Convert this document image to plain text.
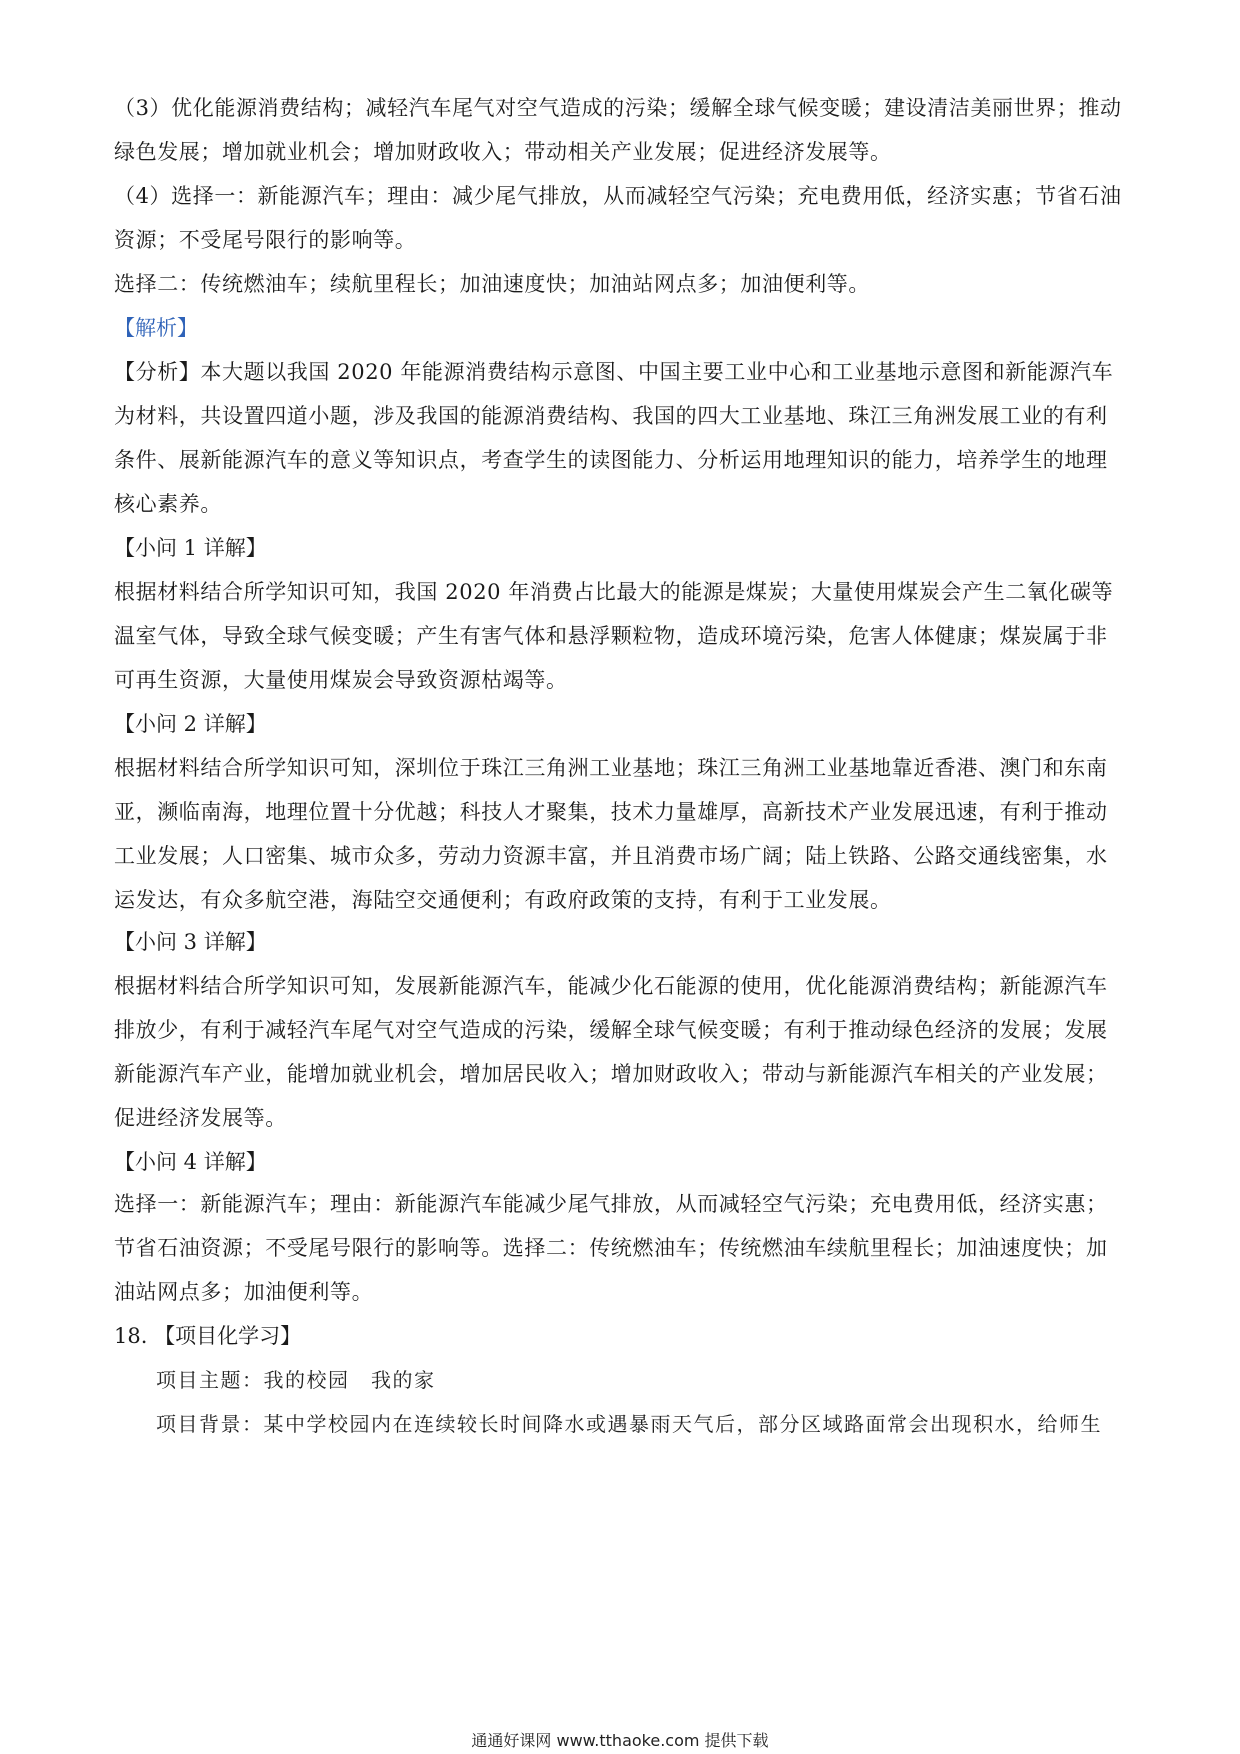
（3）优化能源消费结构；减轻汽车尾气对空气造成的污染；缓解全球气候变暖；建设清洁美丽世界；推动
绿色发展；增加就业机会；增加财政收入；带动相关产业发展；促进经济发展等。
（4）选择一：新能源汽车；理由：减少尾气排放，从而减轻空气污染；充电费用低，经济实惠；节省石油
资源；不受尾号限行的影响等。
选择二：传统燃油车；续航里程长；加油速度快；加油站网点多；加油便利等。
【解析】
【分析】本大题以我国 2020 年能源消费结构示意图、中国主要工业中心和工业基地示意图和新能源汽车
为材料，共设置四道小题，涉及我国的能源消费结构、我国的四大工业基地、珠江三角洲发展工业的有利
条件、展新能源汽车的意义等知识点，考查学生的读图能力、分析运用地理知识的能力，培养学生的地理
核心素养。
【小问 1 详解】
根据材料结合所学知识可知，我国 2020 年消费占比最大的能源是煤炭；大量使用煤炭会产生二氧化碳等
温室气体，导致全球气候变暖；产生有害气体和悬浮颗粒物，造成环境污染，危害人体健康；煤炭属于非
可再生资源，大量使用煤炭会导致资源枯竭等。
【小问 2 详解】
根据材料结合所学知识可知，深圳位于珠江三角洲工业基地；珠江三角洲工业基地靠近香港、澳门和东南
亚，濒临南海，地理位置十分优越；科技人才聚集，技术力量雄厚，高新技术产业发展迅速，有利于推动
工业发展；人口密集、城市众多，劳动力资源丰富，并且消费市场广阔；陆上铁路、公路交通线密集，水
运发达，有众多航空港，海陆空交通便利；有政府政策的支持，有利于工业发展。
【小问 3 详解】
根据材料结合所学知识可知，发展新能源汽车，能减少化石能源的使用，优化能源消费结构；新能源汽车
排放少，有利于减轻汽车尾气对空气造成的污染，缓解全球气候变暖；有利于推动绿色经济的发展；发展
新能源汽车产业，能增加就业机会，增加居民收入；增加财政收入；带动与新能源汽车相关的产业发展；
促进经济发展等。
【小问 4 详解】
选择一：新能源汽车；理由：新能源汽车能减少尾气排放，从而减轻空气污染；充电费用低，经济实惠；
节省石油资源；不受尾号限行的影响等。选择二：传统燃油车；传统燃油车续航里程长；加油速度快；加
油站网点多；加油便利等。
18. 【项目化学习】
项目主题：我的校园　我的家
项目背景：某中学校园内在连续较长时间降水或遇暴雨天气后，部分区域路面常会出现积水，给师生
通通好课网 www.tthaoke.com 提供下载
